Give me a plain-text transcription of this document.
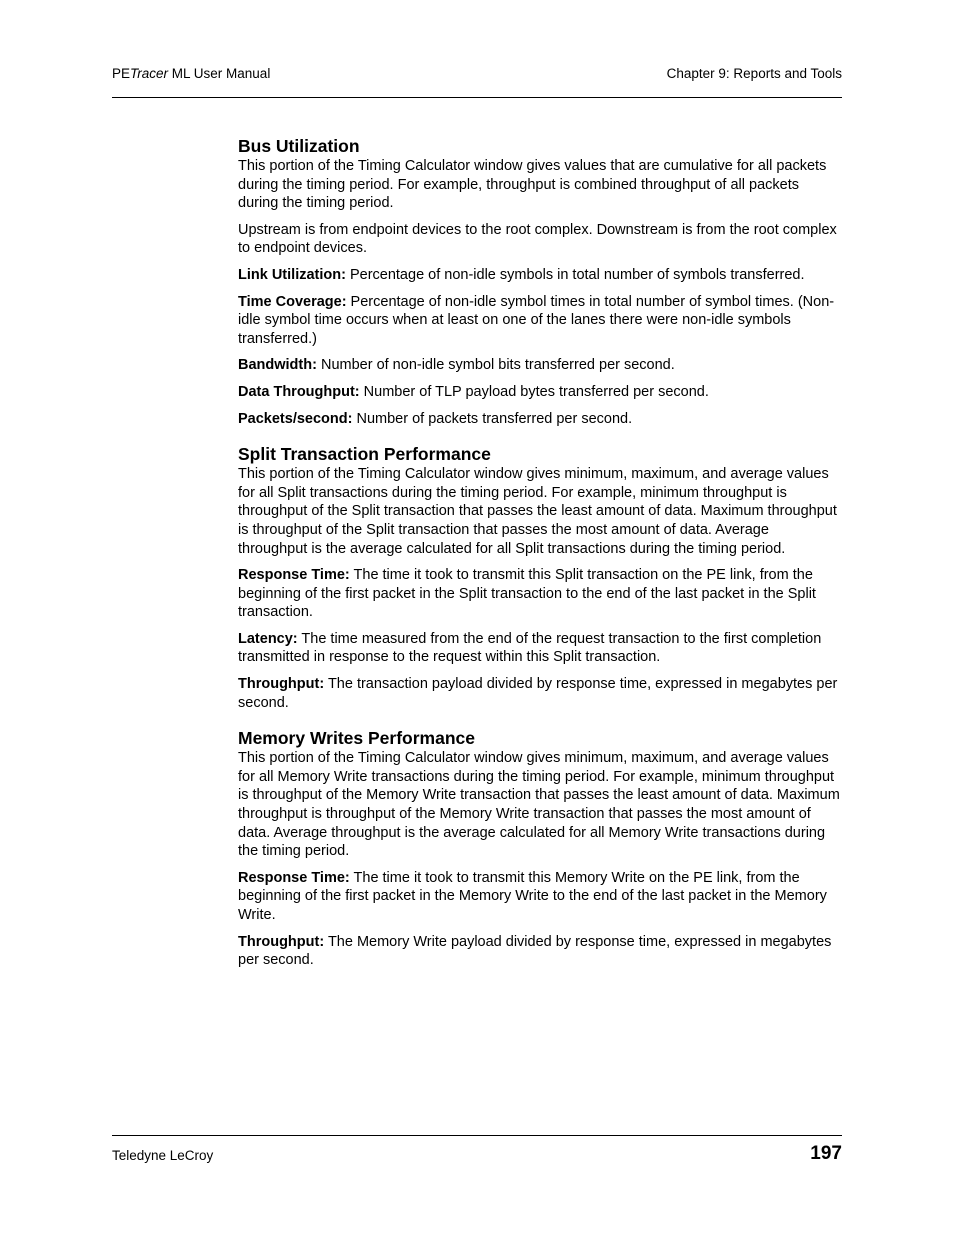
PETracer ML User Manual	Chapter 9: Reports and Tools
Bus Utilization

This portion of the Timing Calculator window gives values that are cumulative for all packets during the timing period. For example, throughput is combined throughput of all packets during the timing period.

Upstream is from endpoint devices to the root complex. Downstream is from the root complex to endpoint devices.

Link Utilization: Percentage of non-idle symbols in total number of symbols transferred.

Time Coverage: Percentage of non-idle symbol times in total number of symbol times. (Non-idle symbol time occurs when at least on one of the lanes there were non-idle symbols transferred.)

Bandwidth: Number of non-idle symbol bits transferred per second.

Data Throughput: Number of TLP payload bytes transferred per second.

Packets/second: Number of packets transferred per second.

Split Transaction Performance

This portion of the Timing Calculator window gives minimum, maximum, and average values for all Split transactions during the timing period. For example, minimum throughput is throughput of the Split transaction that passes the least amount of data. Maximum throughput is throughput of the Split transaction that passes the most amount of data. Average throughput is the average calculated for all Split transactions during the timing period.

Response Time: The time it took to transmit this Split transaction on the PE link, from the beginning of the first packet in the Split transaction to the end of the last packet in the Split transaction.

Latency: The time measured from the end of the request transaction to the first completion transmitted in response to the request within this Split transaction.

Throughput: The transaction payload divided by response time, expressed in megabytes per second.

Memory Writes Performance

This portion of the Timing Calculator window gives minimum, maximum, and average values for all Memory Write transactions during the timing period. For example, minimum throughput is throughput of the Memory Write transaction that passes the least amount of data. Maximum throughput is throughput of the Memory Write transaction that passes the most amount of data. Average throughput is the average calculated for all Memory Write transactions during the timing period.

Response Time: The time it took to transmit this Memory Write on the PE link, from the beginning of the first packet in the Memory Write to the end of the last packet in the Memory Write.

Throughput: The Memory Write payload divided by response time, expressed in megabytes per second.

Teledyne LeCroy	197
